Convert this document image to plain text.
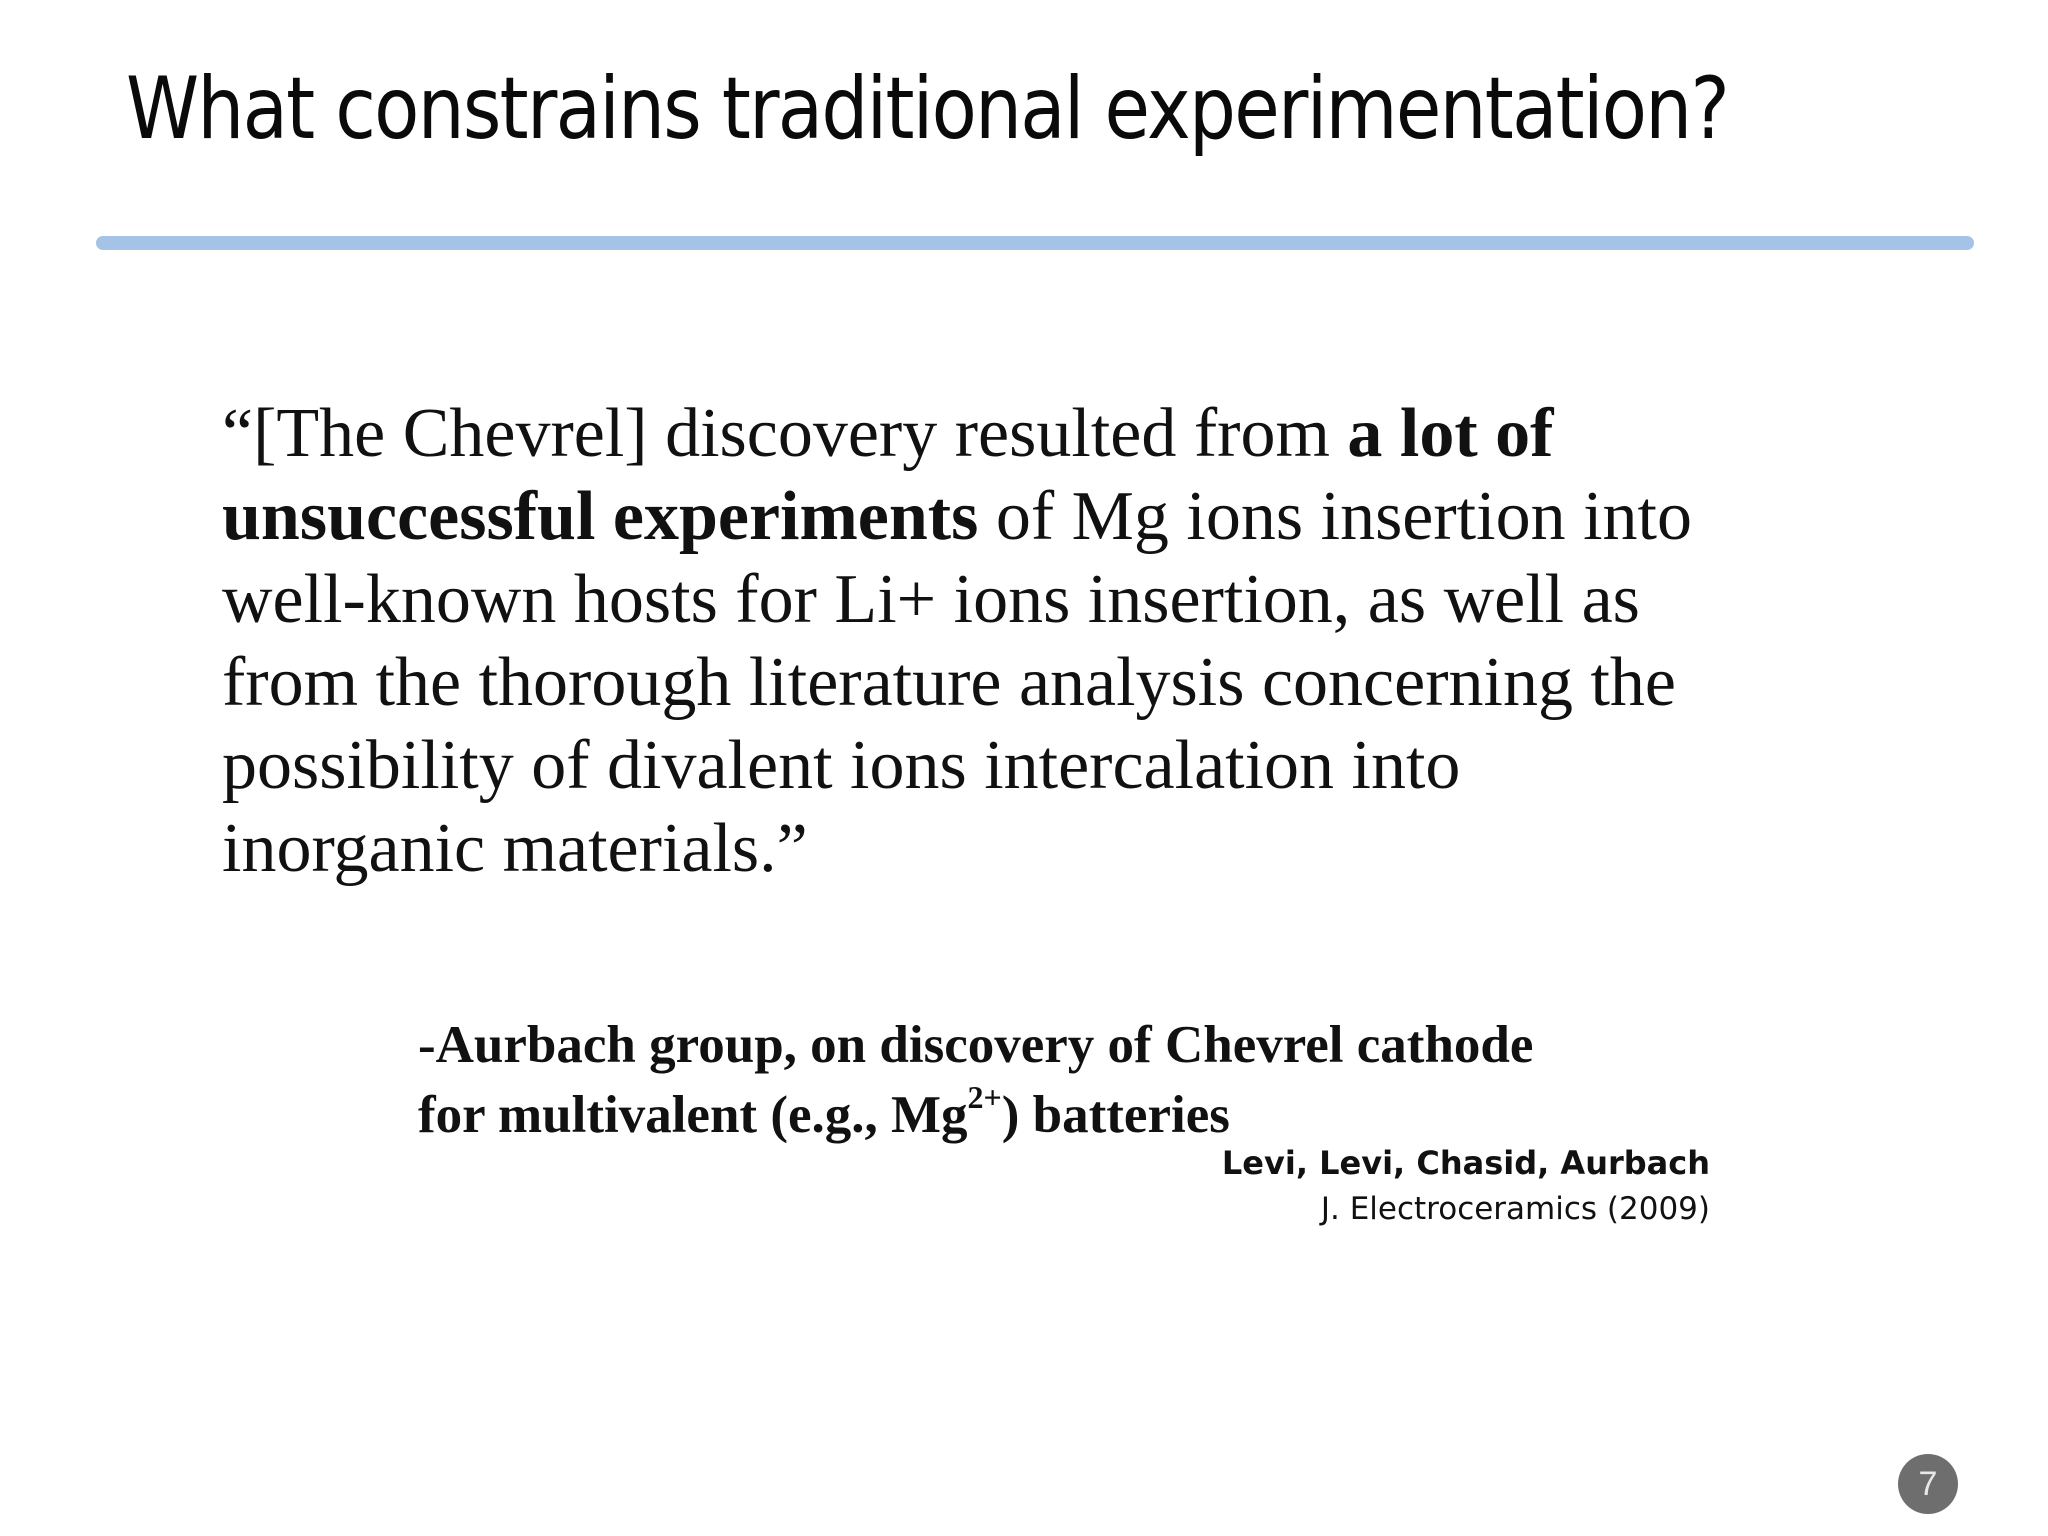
What constrains traditional experimentation?
“[The Chevrel] discovery resulted from a lot of
unsuccessful experiments of Mg ions insertion into well-known hosts for Li+ ions insertion, as well as from the thorough literature analysis concerning the possibility of divalent ions intercalation into inorganic materials.”
-Aurbach group, on discovery of Chevrel cathode
for multivalent (e.g., $Mg^{2+}$) batteries
Levi, Levi, Chasid, Aurbach
J. Electroceramics (2009)
7
